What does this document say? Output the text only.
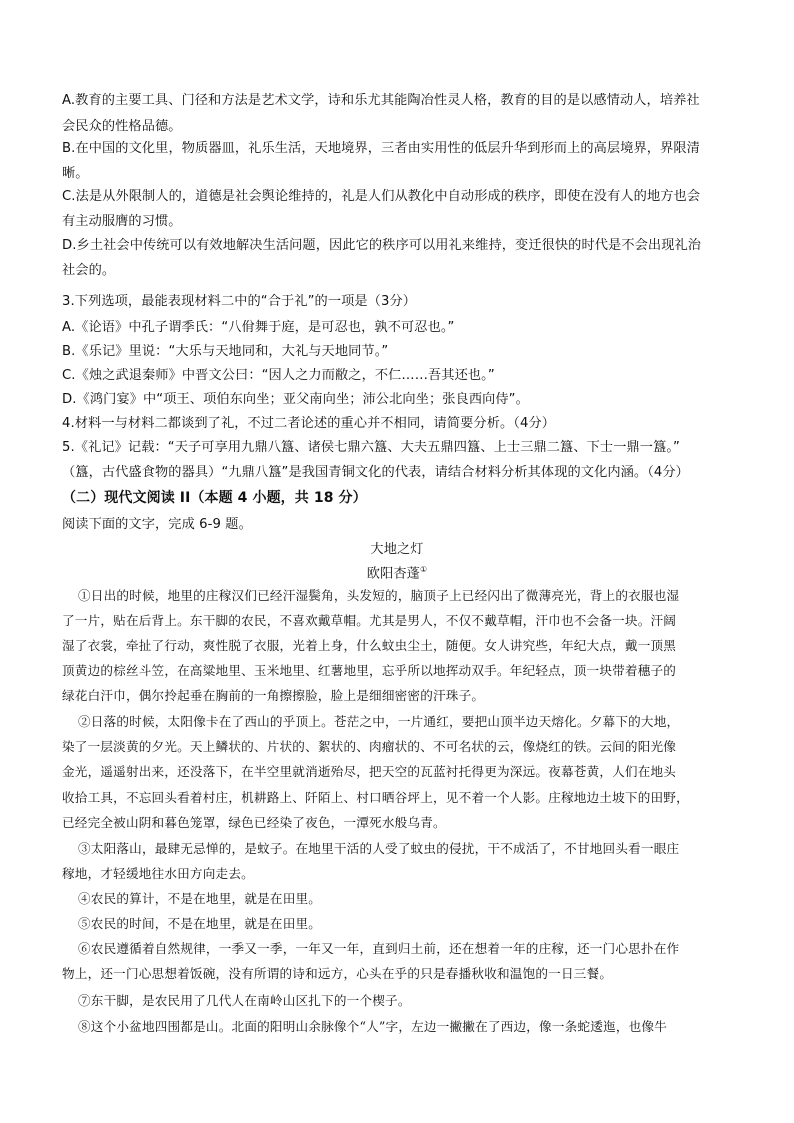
A.教育的主要工具、门径和方法是艺术文学，诗和乐尤其能陶冶性灵人格，教育的目的是以感情动人，培养社
会民众的性格品德。
B.在中国的文化里，物质器皿，礼乐生活，天地境界，三者由实用性的低层升华到形而上的高层境界，界限清
晰。
C.法是从外限制人的，道德是社会舆论维持的，礼是人们从教化中自动形成的秩序，即使在没有人的地方也会
有主动服膺的习惯。
D.乡土社会中传统可以有效地解决生活问题，因此它的秩序可以用礼来维持，变迁很快的时代是不会出现礼治
社会的。
3.下列选项，最能表现材料二中的“合于礼”的一项是（3分）
A.《论语》中孔子谓季氏：“八佾舞于庭，是可忍也，孰不可忍也。”
B.《乐记》里说：“大乐与天地同和，大礼与天地同节。”
C.《烛之武退秦师》中晋文公曰：“因人之力而敝之，不仁……吾其还也。”
D.《鸿门宴》中“项王、项伯东向坐；亚父南向坐；沛公北向坐；张良西向侍”。
4.材料一与材料二都谈到了礼，不过二者论述的重心并不相同，请简要分析。（4分）
5.《礼记》记载：“天子可享用九鼎八簋、诸侯七鼎六簋、大夫五鼎四簋、上士三鼎二簋、下士一鼎一簋。”
（簋，古代盛食物的器具）“九鼎八簋”是我国青铜文化的代表，请结合材料分析其体现的文化内涵。（4分）
（二）现代文阅读 II（本题 4 小题，共 18 分）
阅读下面的文字，完成 6-9 题。
大地之灯
欧阳杏蓬①
①日出的时候，地里的庄稼汉们已经汗湿鬓角，头发短的，脑顶子上已经闪出了微薄亮光，背上的衣服也湿
了一片，贴在后背上。东干脚的农民，不喜欢戴草帽。尤其是男人，不仅不戴草帽，汗巾也不会备一块。汗阔
湿了衣裳，牵扯了行动，爽性脱了衣服，光着上身，什么蚊虫尘土，随便。女人讲究些，年纪大点，戴一顶黑
顶黄边的棕丝斗笠，在高粱地里、玉米地里、红薯地里，忘乎所以地挥动双手。年纪轻点，顶一块带着穗子的
绿花白汗巾，偶尔拎起垂在胸前的一角擦擦脸，脸上是细细密密的汗珠子。
②日落的时候，太阳像卡在了西山的乎顶上。苍茫之中，一片通红，要把山顶半边天熔化。夕幕下的大地，
染了一层淡黄的夕光。天上鳞状的、片状的、絮状的、肉瘤状的、不可名状的云，像烧红的铁。云间的阳光像
金光，遥遥射出来，还没落下，在半空里就消逝殆尽，把天空的瓦蓝衬托得更为深远。夜幕苍黄，人们在地头
收拾工具，不忘回头看着村庄，机耕路上、阡陌上、村口晒谷坪上，见不着一个人影。庄稼地边土坡下的田野，
已经完全被山阴和暮色笼罩，绿色已经染了夜色，一潭死水般乌青。
③太阳落山，最肆无忌惮的，是蚊子。在地里干活的人受了蚊虫的侵扰，干不成活了，不甘地回头看一眼庄
稼地，才轻缓地往水田方向走去。
④农民的算计，不是在地里，就是在田里。
⑤农民的时间，不是在地里，就是在田里。
⑥农民遵循着自然规律，一季又一季，一年又一年，直到归土前，还在想着一年的庄稼，还一门心思扑在作
物上，还一门心思想着饭碗，没有所谓的诗和远方，心头在乎的只是春播秋收和温饱的一日三餐。
⑦东干脚，是农民用了几代人在南岭山区扎下的一个楔子。
⑧这个小盆地四围都是山。北面的阳明山余脉像个“人”字，左边一撇撇在了西边，像一条蛇逶迤，也像牛
